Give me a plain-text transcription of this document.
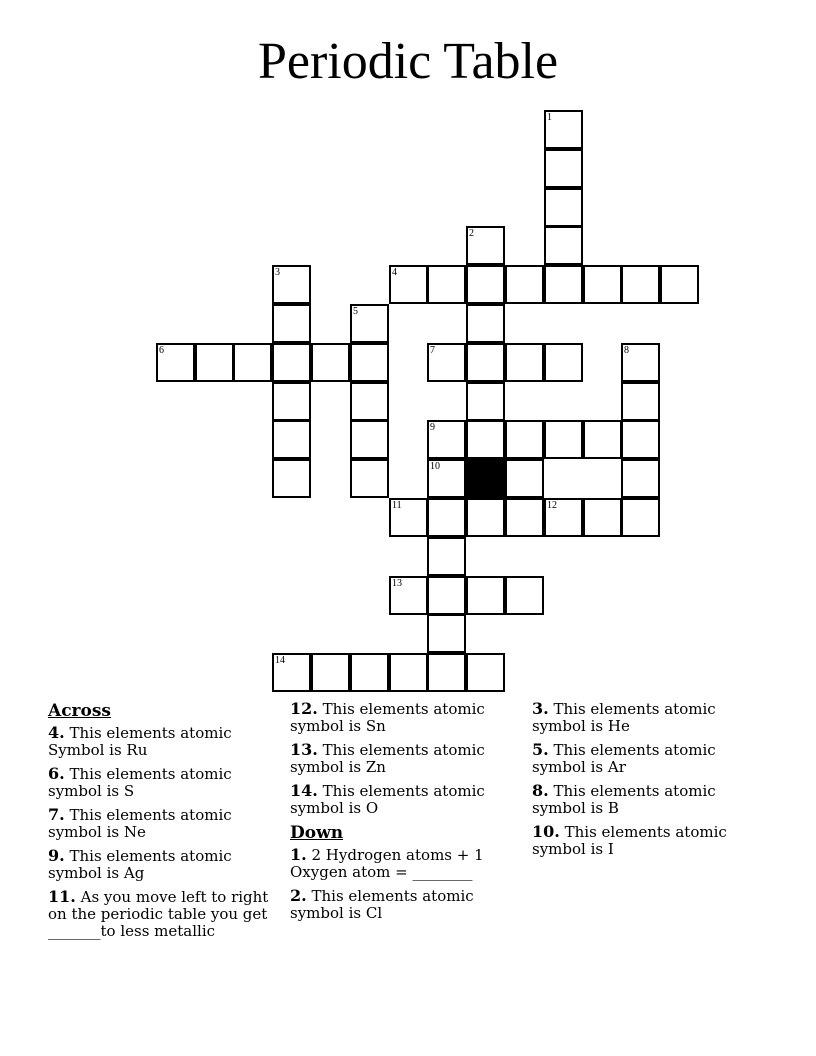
Periodic Table
1
2
3	4
5
6	7	8
9
10
11	12
13
14
Across
4. This elements atomic Symbol is Ru
6. This elements atomic symbol is S
7. This elements atomic symbol is Ne
9. This elements atomic symbol is Ag
11. As you move left to right on the periodic table you get _______to less metallic
12. This elements atomic symbol is Sn
13. This elements atomic symbol is Zn
14. This elements atomic symbol is O
Down
1. 2 Hydrogen atoms + 1 Oxygen atom = ________
2. This elements atomic symbol is Cl
3. This elements atomic symbol is He
5. This elements atomic symbol is Ar
8. This elements atomic symbol is B
10. This elements atomic symbol is I
